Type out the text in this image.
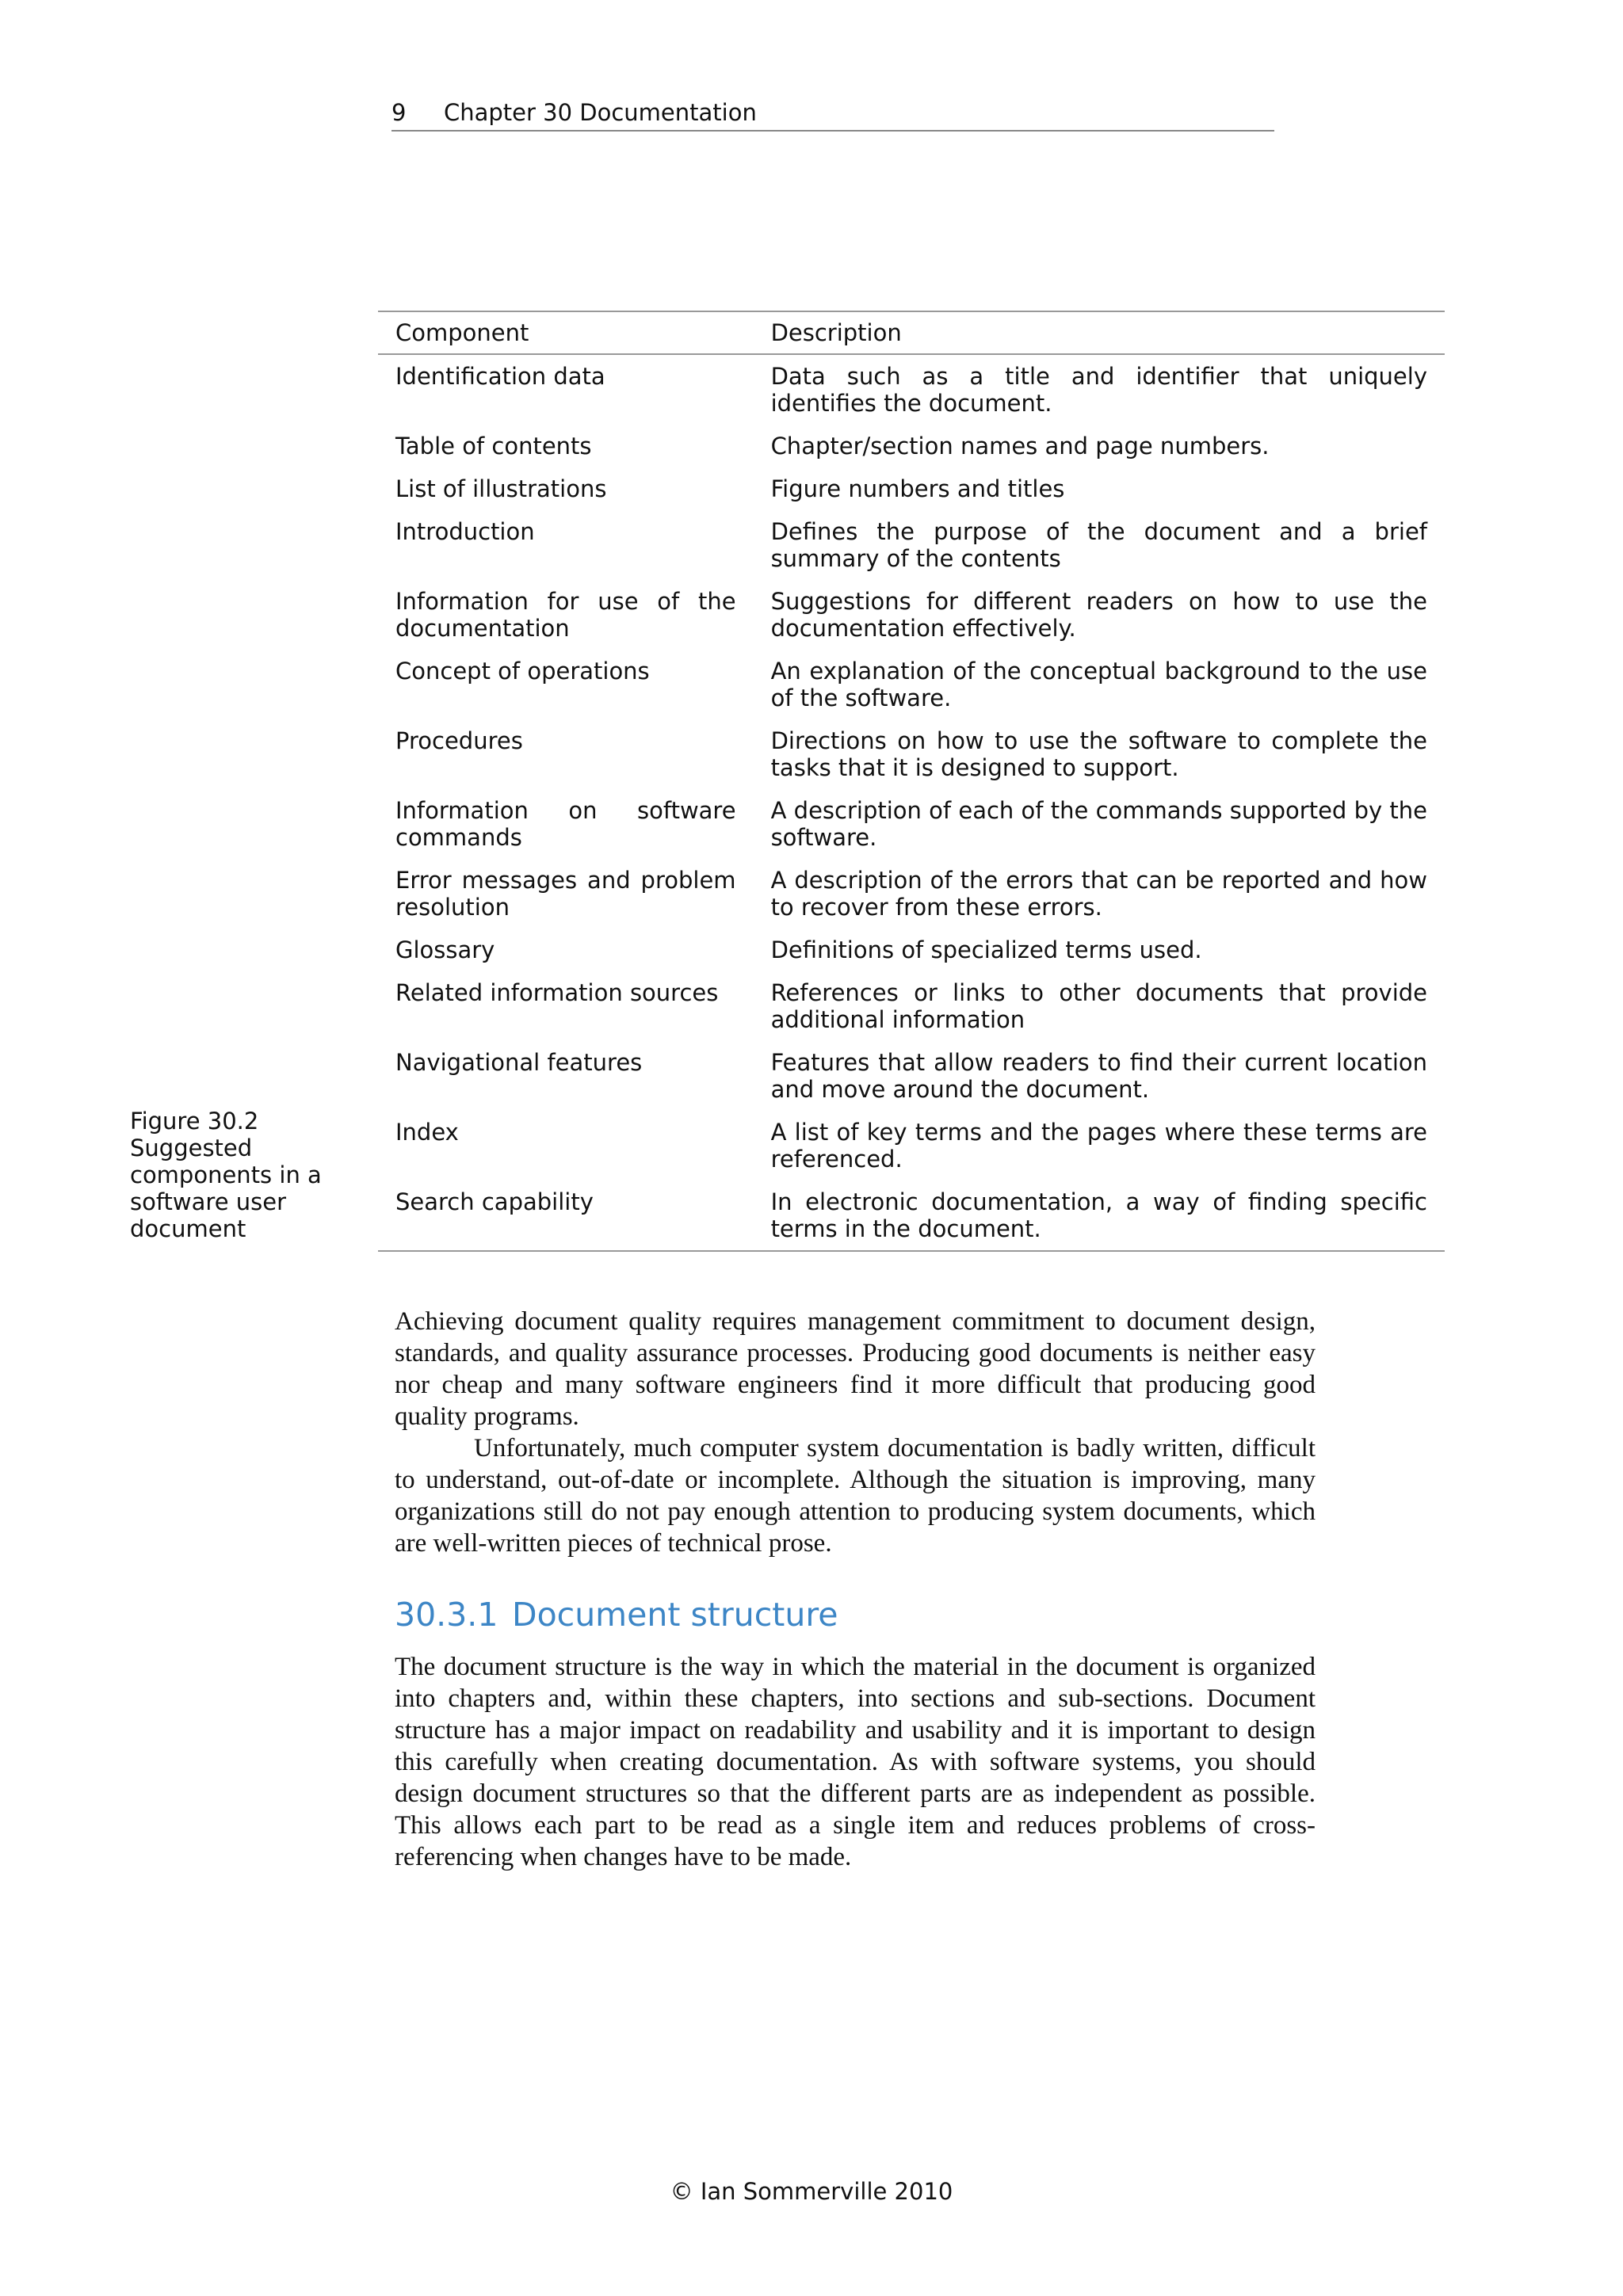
9 Chapter 30 Documentation
Figure 30.2
Suggested
components in a
software user
document
Component	Description
Identification data	Data such as a title and identifier that uniquely identifies the document.
Table of contents	Chapter/section names and page numbers.
List of illustrations	Figure numbers and titles
Introduction	Defines the purpose of the document and a brief summary of the contents
Information for use of the documentation	Suggestions for different readers on how to use the documentation effectively.
Concept of operations	An explanation of the conceptual background to the use of the software.
Procedures	Directions on how to use the software to complete the tasks that it is designed to support.
Information on software commands	A description of each of the commands supported by the software.
Error messages and problem resolution	A description of the errors that can be reported and how to recover from these errors.
Glossary	Definitions of specialized terms used.
Related information sources	References or links to other documents that provide additional information
Navigational features	Features that allow readers to find their current location and move around the document.
Index	A list of key terms and the pages where these terms are referenced.
Search capability	In electronic documentation, a way of finding specific terms in the document.

Achieving document quality requires management commitment to document design, standards, and quality assurance processes. Producing good documents is neither easy nor cheap and many software engineers find it more difficult that producing good quality programs.

Unfortunately, much computer system documentation is badly written, difficult to understand, out-of-date or incomplete. Although the situation is improving, many organizations still do not pay enough attention to producing system documents, which are well-written pieces of technical prose.

30.3.1 Document structure

The document structure is the way in which the material in the document is organized into chapters and, within these chapters, into sections and sub-sections. Document structure has a major impact on readability and usability and it is important to design this carefully when creating documentation. As with software systems, you should design document structures so that the different parts are as independent as possible. This allows each part to be read as a single item and reduces problems of cross-referencing when changes have to be made.

© Ian Sommerville 2010
